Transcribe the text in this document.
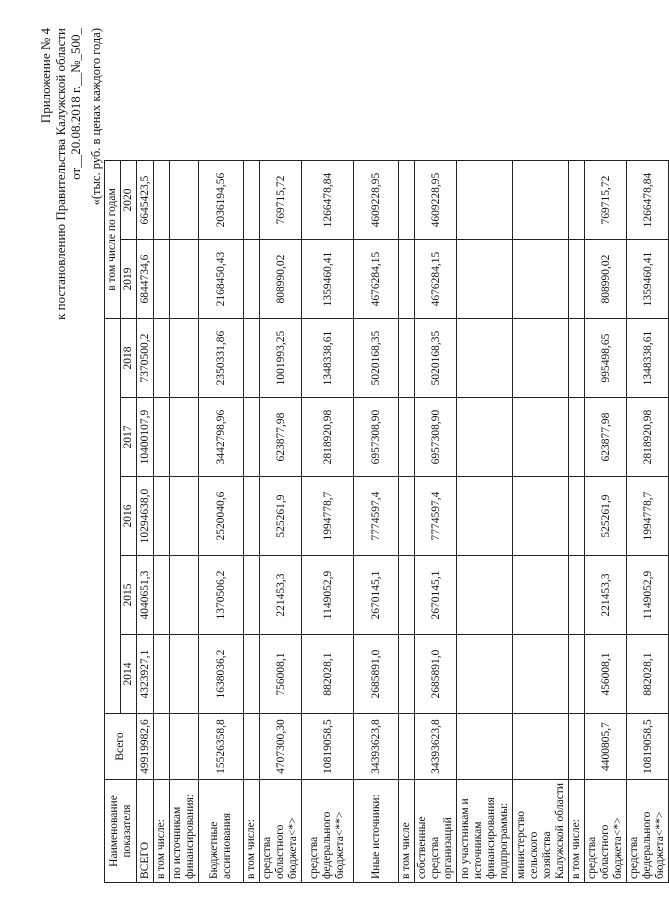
Приложение № 4 к постановлению Правительства Калужской области от__20.08.2018 г.__№_500_ «(тыс. руб. в ценах каждого года)
Наименование показателя	Всего						в том числе по годам	
		2014	2015	2016	2017	2018	2019	2020
ВСЕГО	49919982,6	4323927,1	4040651,3	10294638,0	10400107,9	7370500,2	6844734,6	6645423,5
в том числе:								
по источникам финансирования:								
Бюджетные ассигнования	15526358,8	1638036,2	1370506,2	2520040,6	3442798,96	2350331,86	2168450,43	2036194,56
в том числе:								
средства областного бюджета<*>	4707300,30	756008,1	221453,3	525261,9	623877,98	1001993,25	808990,02	769715,72
средства федерального бюджета<**>	10819058,5	882028,1	1149052,9	1994778,7	2818920,98	1348338,61	1359460,41	1266478,84
Иные источники:	34393623,8	2685891,0	2670145,1	7774597,4	6957308,90	5020168,35	4676284,15	4609228,95
в том числе								
собственные средства организаций	34393623,8	2685891,0	2670145,1	7774597,4	6957308,90	5020168,35	4676284,15	4609228,95
по участникам и источникам финансирования подпрограммы:								
министерство сельского хозяйства Калужской области								
в том числе:								
средства областного бюджета<*>	4400805,7	456008,1	221453,3	525261,9	623877,98	995498,65	808990,02	769715,72
средства федерального бюджета<**>	10819058,5	882028,1	1149052,9	1994778,7	2818920,98	1348338,61	1359460,41	1266478,84
